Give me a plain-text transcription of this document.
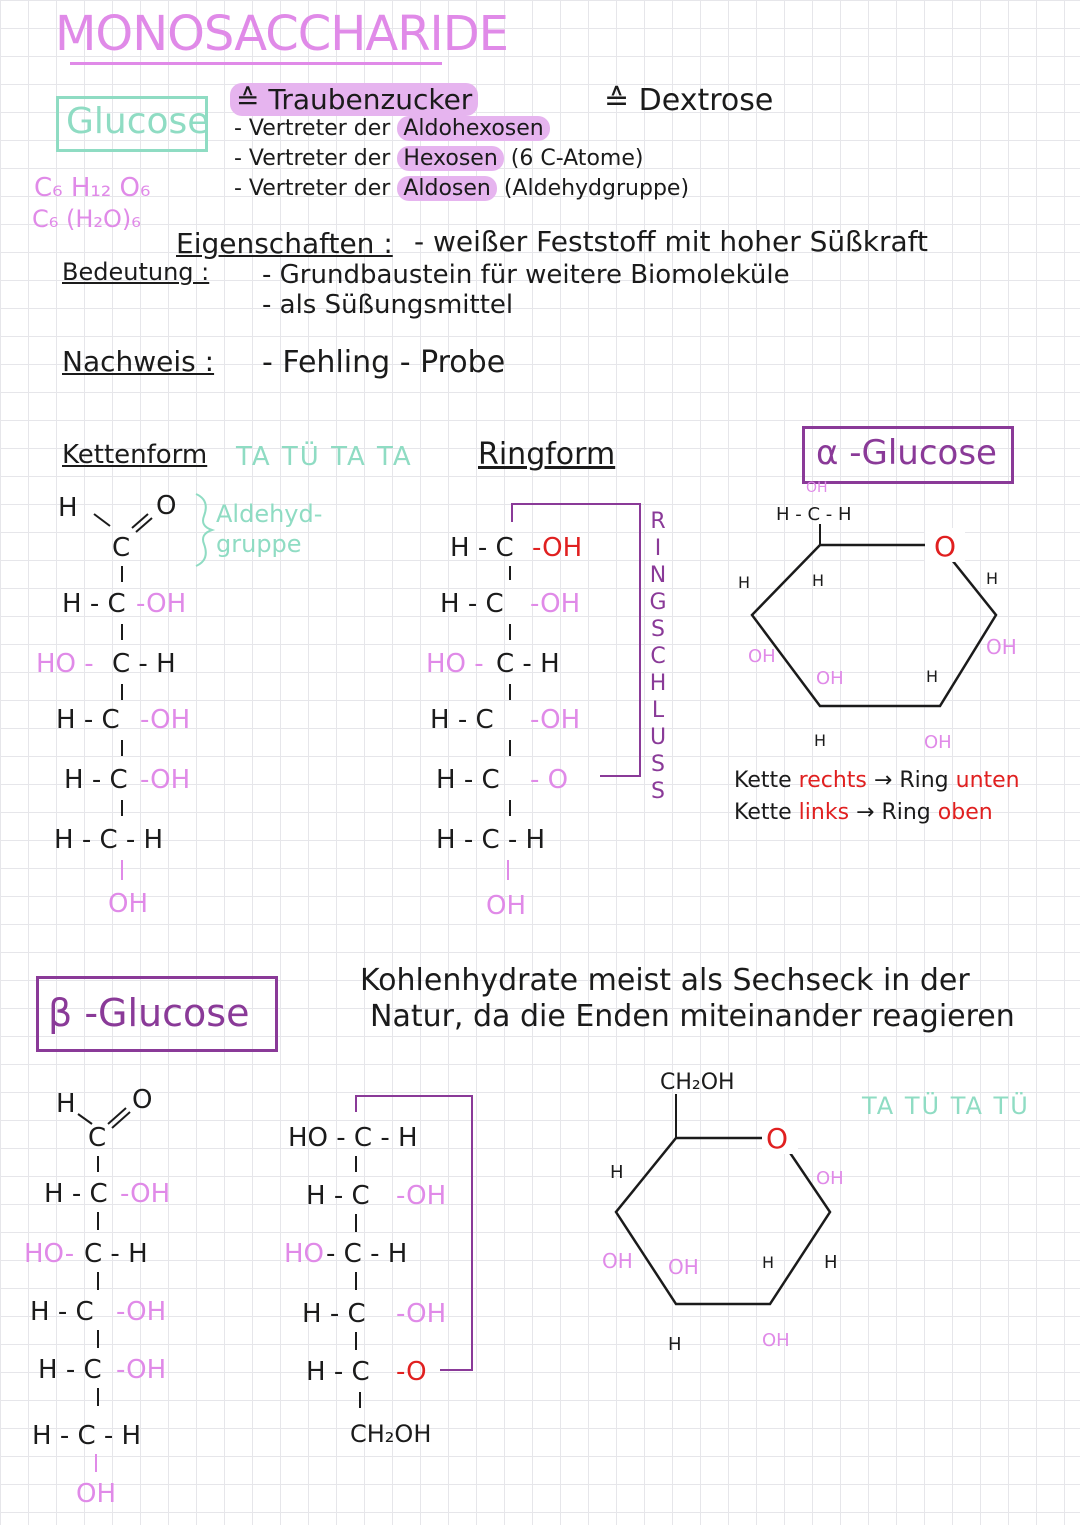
MONOSACCHARIDE
Glucose
C₆ H₁₂ O₆
C₆ (H₂O)₆
≙ Traubenzucker	≙ Dextrose
- Vertreter der Aldohexosen
- Vertreter der Hexosen (6 C-Atome)
- Vertreter der Aldosen (Aldehydgruppe)
Eigenschaften : - weißer Feststoff mit hoher Süßkraft
Bedeutung : - Grundbaustein für weitere Biomoleküle
- als Süßungsmittel
Nachweis : - Fehling - Probe
Kettenform TA TÜ TA TA Ringform	α -Glucose
Aldehyd-
gruppe
R
I
N
G
S
C
H
L
U
S
S	Kette rechts → Ring unten
Kette links → Ring oben
β -Glucose
Kohlenhydrate meist als Sechseck in der
Natur, da die Enden miteinander reagieren
TA TÜ TA TÜ
CH₂OH
H	O
C
H - C -OH
HO - C - H
H - C -OH
H - C -OH
H - C - H
OH
H - C -OH
H - C -OH
HO - C - H
H - C -OH
H - C - O
H - C - H
OH
O
OH
H - C - H
H
H
OH
H
OH
OH
H
H
OH
H O
C
H - C -OH
HO- C - H
H - C -OH
H - C -OH
H - C - H
OH
HO - C - H
H - C -OH
HO - C - H
H - C -OH
H - C -O
CH₂OH
O
H
OH
OH
H
OH
H
H
OH
